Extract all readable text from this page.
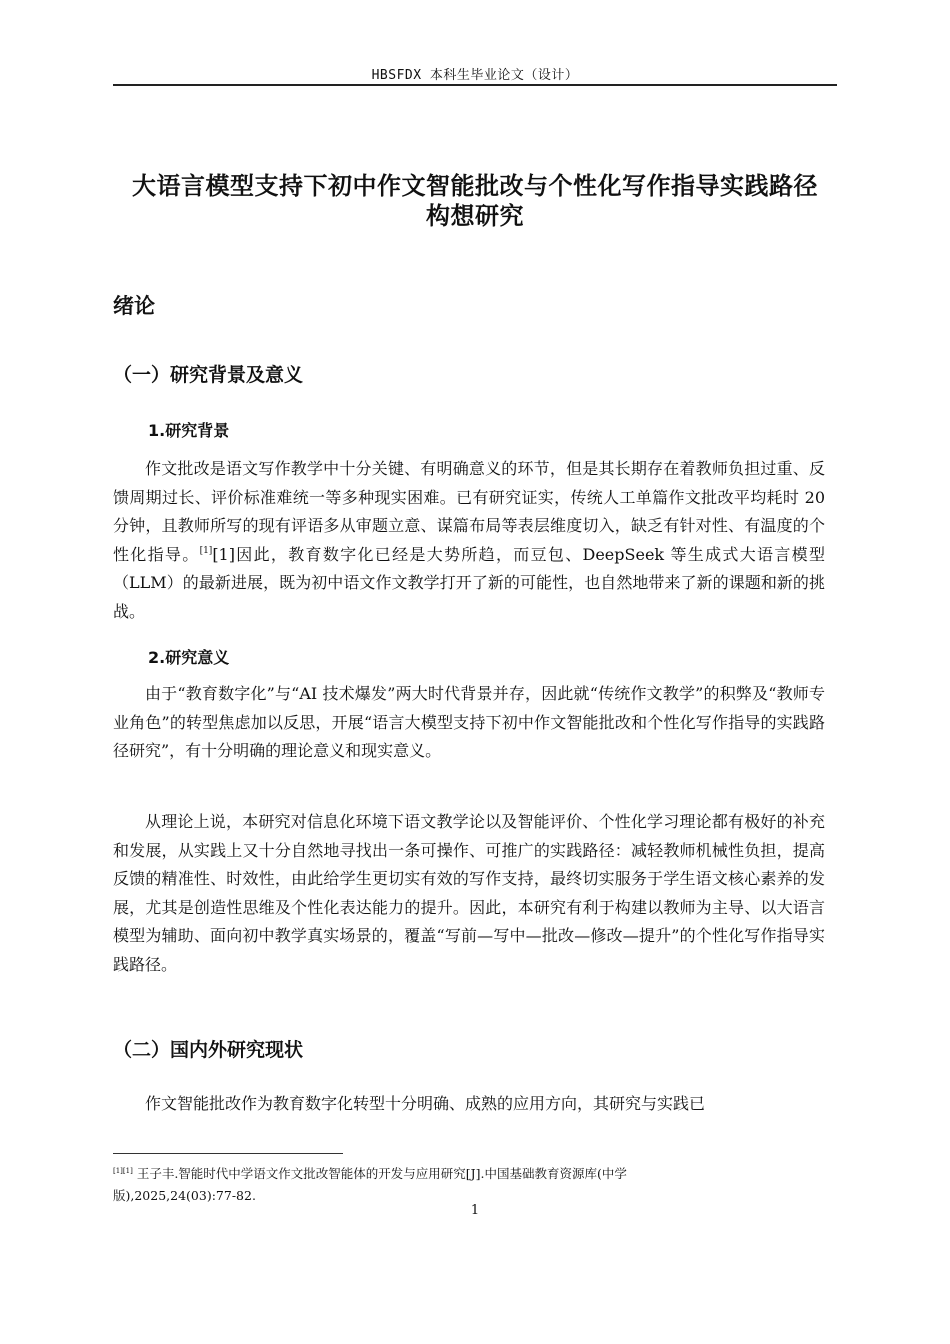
HBSFDX 本科生毕业论文（设计）
大语言模型支持下初中作文智能批改与个性化写作指导实践路径
构想研究
绪论
（一）研究背景及意义
1.研究背景

作文批改是语文写作教学中十分关键、有明确意义的环节，但是其长期存在着教师负担过重、反馈周期过长、评价标准难统一等多种现实困难。已有研究证实，传统人工单篇作文批改平均耗时 20 分钟，且教师所写的现有评语多从审题立意、谋篇布局等表层维度切入，缺乏有针对性、有温度的个性化指导。[1][1]因此，教育数字化已经是大势所趋，而豆包、DeepSeek 等生成式大语言模型（LLM）的最新进展，既为初中语文作文教学打开了新的可能性，也自然地带来了新的课题和新的挑战。

2.研究意义

由于“教育数字化”与“AI 技术爆发”两大时代背景并存，因此就“传统作文教学”的积弊及“教师专业角色”的转型焦虑加以反思，开展“语言大模型支持下初中作文智能批改和个性化写作指导的实践路径研究”，有十分明确的理论意义和现实意义。

从理论上说，本研究对信息化环境下语文教学论以及智能评价、个性化学习理论都有极好的补充和发展，从实践上又十分自然地寻找出一条可操作、可推广的实践路径：减轻教师机械性负担，提高反馈的精准性、时效性，由此给学生更切实有效的写作支持，最终切实服务于学生语文核心素养的发展，尤其是创造性思维及个性化表达能力的提升。因此，本研究有利于构建以教师为主导、以大语言模型为辅助、面向初中教学真实场景的，覆盖“写前—写中—批改—修改—提升”的个性化写作指导实践路径。

（二）国内外研究现状

作文智能批改作为教育数字化转型十分明确、成熟的应用方向，其研究与实践已

[1][1] 王子丰.智能时代中学语文作文批改智能体的开发与应用研究[J].中国基础教育资源库(中学版),2025,24(03):77-82.

1
